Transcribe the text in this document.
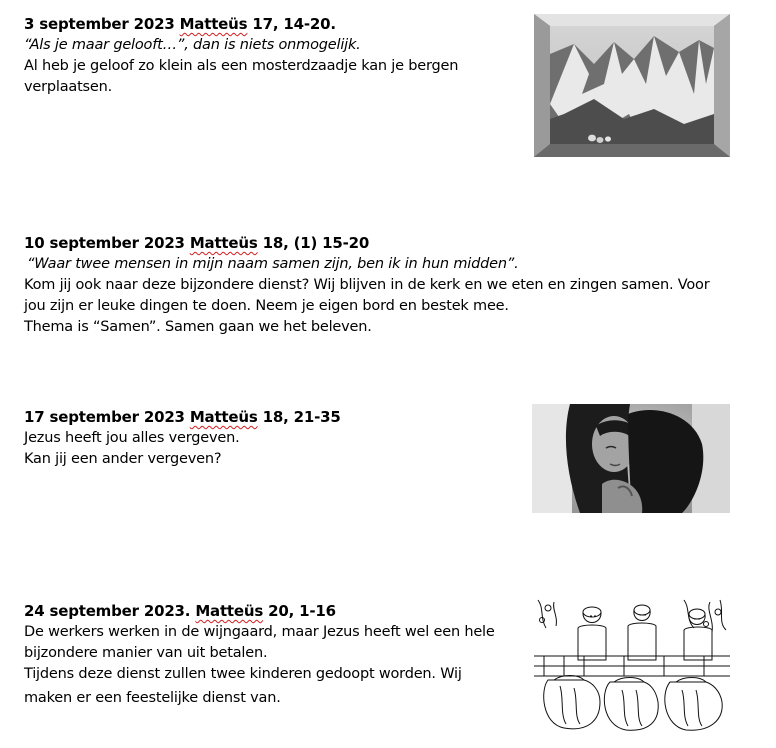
3 september 2023 Matteüs 17, 14-20.

“Als je maar gelooft…”, dan is niets onmogelijk.

Al heb je geloof zo klein als een mosterdzaadje kan je bergen

verplaatsen.

10 september 2023 Matteüs 18, (1) 15-20

“Waar twee mensen in mijn naam samen zijn, ben ik in hun midden”.

Kom jij ook naar deze bijzondere dienst? Wij blijven in de kerk en we eten en zingen samen. Voor

jou zijn er leuke dingen te doen. Neem je eigen bord en bestek mee.

Thema is “Samen”. Samen gaan we het beleven.

17 september 2023 Matteüs 18, 21-35

Jezus heeft jou alles vergeven.

Kan jij een ander vergeven?

24 september 2023. Matteüs 20, 1-16

De werkers werken in de wijngaard, maar Jezus heeft wel een hele

bijzondere manier van uit betalen.

Tijdens deze dienst zullen twee kinderen gedoopt worden. Wij

maken er een feestelijke dienst van.
